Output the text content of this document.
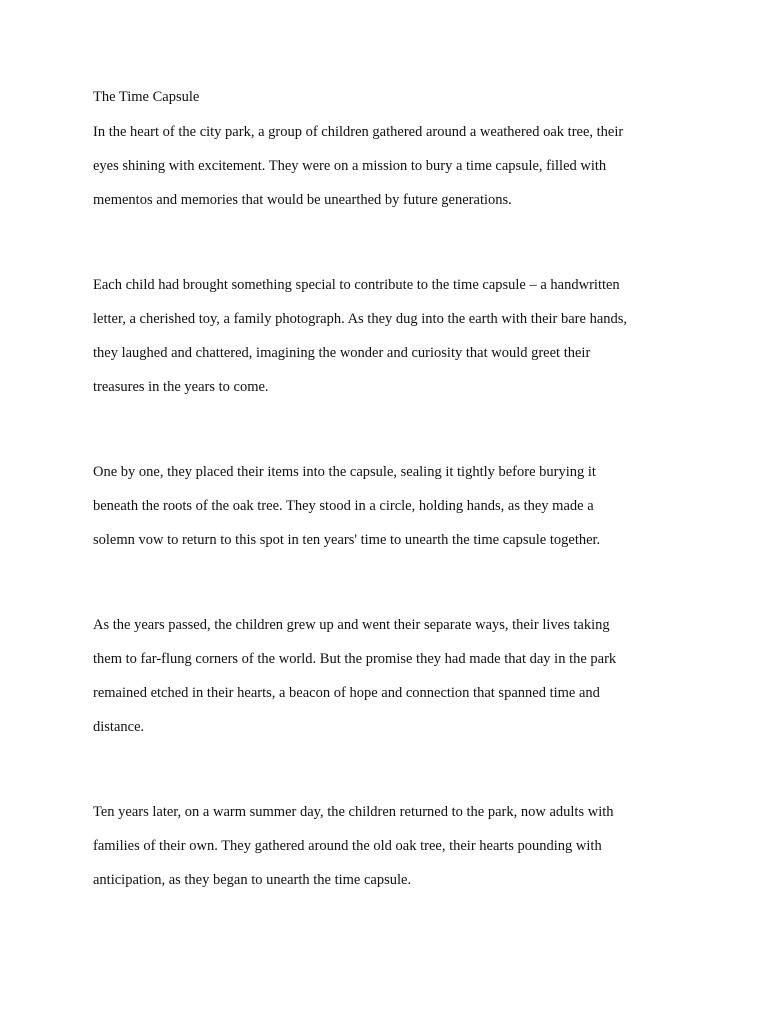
The Time Capsule

In the heart of the city park, a group of children gathered around a weathered oak tree, their
eyes shining with excitement. They were on a mission to bury a time capsule, filled with
mementos and memories that would be unearthed by future generations.

Each child had brought something special to contribute to the time capsule – a handwritten
letter, a cherished toy, a family photograph. As they dug into the earth with their bare hands,
they laughed and chattered, imagining the wonder and curiosity that would greet their
treasures in the years to come.

One by one, they placed their items into the capsule, sealing it tightly before burying it
beneath the roots of the oak tree. They stood in a circle, holding hands, as they made a
solemn vow to return to this spot in ten years' time to unearth the time capsule together.

As the years passed, the children grew up and went their separate ways, their lives taking
them to far-flung corners of the world. But the promise they had made that day in the park
remained etched in their hearts, a beacon of hope and connection that spanned time and
distance.

Ten years later, on a warm summer day, the children returned to the park, now adults with
families of their own. They gathered around the old oak tree, their hearts pounding with
anticipation, as they began to unearth the time capsule.
